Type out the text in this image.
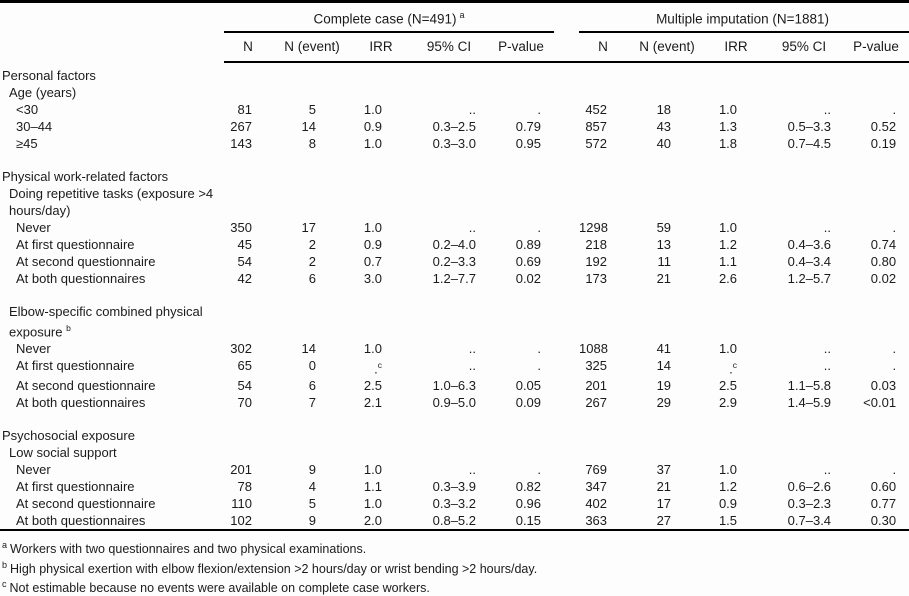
	Complete case (N=491) $^a$						Multiple imputation (N=1881)				
	N	N (event)	IRR	95% CI	P-value		N	N (event)	IRR	95% CI	P-value
Personal factors											
Age (years)											
<30	81	5	1.0	..	.		452	18	1.0	..	.
30–44	267	14	0.9	0.3–2.5	0.79		857	43	1.3	0.5–3.3	0.52
≥45	143	8	1.0	0.3–3.0	0.95		572	40	1.8	0.7–4.5	0.19

Physical work-related factors											
Doing repetitive tasks (exposure >4 hours/day)											
Never	350	17	1.0	..	.		1298	59	1.0	..	.
At first questionnaire	45	2	0.9	0.2–4.0	0.89		218	13	1.2	0.4–3.6	0.74
At second questionnaire	54	2	0.7	0.2–3.3	0.69		192	11	1.1	0.4–3.4	0.80
At both questionnaires	42	6	3.0	1.2–7.7	0.02		173	21	2.6	1.2–5.7	0.02

Elbow-specific combined physical exposure $^b$											
Never	302	14	1.0	..	.		1088	41	1.0	..	.
At first questionnaire	65	0	.$^c$	..	.		325	14	.$^c$	..	.
At second questionnaire	54	6	2.5	1.0–6.3	0.05		201	19	2.5	1.1–5.8	0.03
At both questionnaires	70	7	2.1	0.9–5.0	0.09		267	29	2.9	1.4–5.9	<0.01

Psychosocial exposure											
Low social support											
Never	201	9	1.0	..	.		769	37	1.0	..	.
At first questionnaire	78	4	1.1	0.3–3.9	0.82		347	21	1.2	0.6–2.6	0.60
At second questionnaire	110	5	1.0	0.3–3.2	0.96		402	17	0.9	0.3–2.3	0.77
At both questionnaires	102	9	2.0	0.8–5.2	0.15		363	27	1.5	0.7–3.4	0.30
$^a$ Workers with two questionnaires and two physical examinations.
$^b$ High physical exertion with elbow flexion/extension >2 hours/day or wrist bending >2 hours/day.
$^c$ Not estimable because no events were available on complete case workers.
